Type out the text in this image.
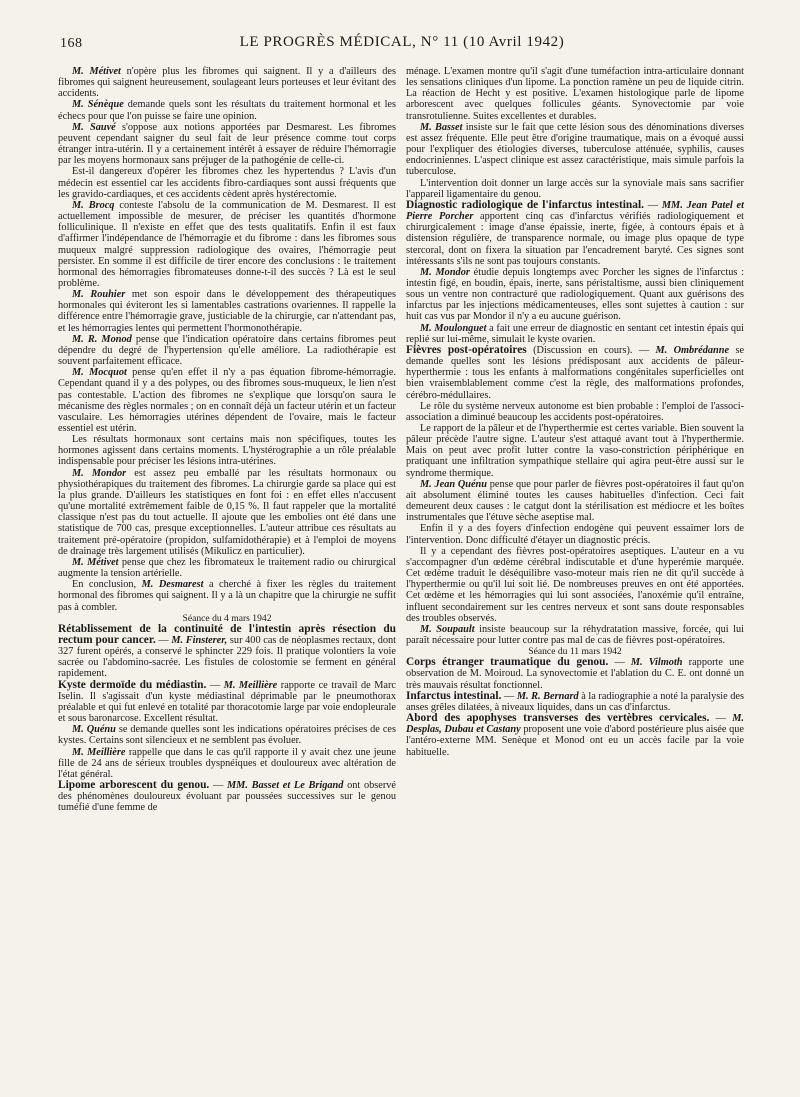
168	LE PROGRÈS MÉDICAL, N° 11 (10 Avril 1942)

M. Métivet n'opère plus les fibromes qui saignent. Il y a d'ailleurs des fibromes qui saignent heureusement, soulageant leurs porteuses et leur évitant des accidents.

M. Sénèque demande quels sont les résultats du traitement hormonal et les échecs pour que l'on puisse se faire une opinion.

M. Sauvé s'oppose aux notions apportées par Desmarest. Les fibromes peuvent cependant saigner du seul fait de leur présence comme tout corps étranger intra-utérin. Il y a certainement intérêt à essayer de réduire l'hémorragie par les moyens hormonaux sans préjuger de la pathogénie de celle-ci.

Est-il dangereux d'opérer les fibromes chez les hypertendus ? L'avis d'un médecin est essentiel car les accidents fibro-cardiaques sont aussi fréquents que les gravido-cardiaques, et ces accidents cèdent après hystérectomie.

M. Brocq conteste l'absolu de la communication de M. Desmarest. Il est actuellement impossible de mesurer, de préciser les quantités d'hormone folliculinique. Il n'existe en effet que des tests qualitatifs. Enfin il est faux d'affirmer l'indépendance de l'hémorragie et du fibrome : dans les fibromes sous muqueux malgré suppression radiologique des ovaires, l'hémorragie peut persister. En somme il est difficile de tirer encore des conclusions : le traitement hormonal des hémorragies fibromateuses donne-t-il des succès ? Là est le seul problème.

M. Rouhier met son espoir dans le développement des thérapeutiques hormonales qui éviteront les si lamentables castrations ovariennes. Il rappelle la différence entre l'hémorragie grave, justiciable de la chirurgie, car n'attendant pas, et les hémorragies lentes qui permettent l'hormonothérapie.

M. R. Monod pense que l'indication opératoire dans certains fibromes peut dépendre du degré de l'hypertension qu'elle améliore. La radiothérapie est souvent parfaitement efficace.

M. Mocquot pense qu'en effet il n'y a pas équation fibrome-hémorragie. Cependant quand il y a des polypes, ou des fibromes sous-muqueux, le lien n'est pas contestable. L'action des fibromes ne s'explique que lorsqu'on saura le mécanisme des règles normales ; on en connaît déjà un facteur utérin et un facteur vasculaire. Les hémorragies utérines dépendent de l'ovaire, mais le facteur essentiel est utérin.

Les résultats hormonaux sont certains mais non spécifiques, toutes les hormones agissent dans certains moments. L'hystérographie a un rôle préalable indispensable pour préciser les lésions intra-utérines.

M. Mondor est assez peu emballé par les résultats hormonaux ou physiothérapiques du traitement des fibromes. La chirurgie garde sa place qui est la plus grande. D'ailleurs les statistiques en font foi : en effet elles n'accusent qu'une mortalité extrêmement faible de 0,15 %. Il faut rappeler que la mortalité classique n'est pas du tout actuelle. Il ajoute que les embolies ont été dans une statistique de 700 cas, presque exceptionnelles. L'auteur attribue ces résultats au traitement pré-opératoire (propidon, sulfamidothérapie) et à l'emploi de moyens de drainage très largement utilisés (Mikulicz en particulier).

M. Métivet pense que chez les fibromateux le traitement radio ou chirurgical augmente la tension artérielle.

En conclusion, M. Desmarest a cherché à fixer les règles du traitement hormonal des fibromes qui saignent. Il y a là un chapitre que la chirurgie ne suffit pas à combler.

Séance du 4 mars 1942

Rétablissement de la continuité de l'intestin après résection du rectum pour cancer. — M. Finsterer, sur 400 cas de néoplasmes rectaux, dont 327 furent opérés, a conservé le sphincter 229 fois. Il pratique volontiers la voie sacrée ou l'abdomino-sacrée. Les fistules de colostomie se ferment en général rapidement.

Kyste dermoïde du médiastin. — M. Meillière rapporte ce travail de Marc Iselin. Il s'agissait d'un kyste médiastinal déprimable par le pneumothorax préalable et qui fut enlevé en totalité par thoracotomie large par voie endopleurale et sous baronarcose. Excellent résultat.

M. Quénu se demande quelles sont les indications opératoires précises de ces kystes. Certains sont silencieux et ne semblent pas évoluer.

M. Meillière rappelle que dans le cas qu'il rapporte il y avait chez une jeune fille de 24 ans de sérieux troubles dyspnéiques et douloureux avec altération de l'état général.

Lipome arborescent du genou. — MM. Basset et Le Brigand ont observé des phénomènes douloureux évoluant par poussées successives sur le genou tuméfié d'une femme de

ménage. L'examen montre qu'il s'agit d'une tuméfaction intra-articulaire donnant les sensations cliniques d'un lipome. La ponction ramène un peu de liquide citrin. La réaction de Hecht y est positive. L'examen histologique parle de lipome arborescent avec quelques follicules géants. Synovectomie par voie transrotulienne. Suites excellentes et durables.

M. Basset insiste sur le fait que cette lésion sous des dénominations diverses est assez fréquente. Elle peut être d'origine traumatique, mais on a évoqué aussi pour l'expliquer des étiologies diverses, tuberculose atténuée, syphilis, causes endocriniennes. L'aspect clinique est assez caractéristique, mais simule parfois la tuberculose.

L'intervention doit donner un large accès sur la synoviale mais sans sacrifier l'appareil ligamentaire du genou.

Diagnostic radiologique de l'infarctus intestinal. — MM. Jean Patel et Pierre Porcher apportent cinq cas d'infarctus vérifiés radiologiquement et chirurgicalement : image d'anse épaissie, inerte, figée, à contours épais et à distension régulière, de transparence normale, ou image plus opaque de type stercoral, dont on fixera la situation par l'encadrement baryté. Ces signes sont intéressants s'ils ne sont pas toujours constants.

M. Mondor étudie depuis longtemps avec Porcher les signes de l'infarctus : intestin figé, en boudin, épais, inerte, sans péristaltisme, aussi bien cliniquement sous un ventre non contracturé que radiologiquement. Quant aux guérisons des infarctus par les injections médicamenteuses, elles sont sujettes à caution : sur huit cas vus par Mondor il n'y a eu aucune guérison.

M. Moulonguet a fait une erreur de diagnostic en sentant cet intestin épais qui replié sur lui-même, simulait le kyste ovarien.

Fièvres post-opératoires (Discussion en cours). — M. Ombrédanne se demande quelles sont les lésions prédisposant aux accidents de pâleur-hyperthermie : tous les enfants à malformations congénitales superficielles ont bien vraisemblablement comme c'est la règle, des malformations profondes, cérébro-médullaires.

Le rôle du système nerveux autonome est bien probable : l'emploi de l'associ-association a diminué beaucoup les accidents post-opératoires.

Le rapport de la pâleur et de l'hyperthermie est certes variable. Bien souvent la pâleur précède l'autre signe. L'auteur s'est attaqué avant tout à l'hyperthermie. Mais on peut avec profit lutter contre la vaso-constriction périphérique en pratiquant une infiltration sympathique stellaire qui agira peut-être aussi sur le syndrome thermique.

M. Jean Quénu pense que pour parler de fièvres post-opératoires il faut qu'on ait absolument éliminé toutes les causes habituelles d'infection. Ceci fait demeurent deux causes : le catgut dont la stérilisation est médiocre et les boîtes instrumentales que l'étuve sèche aseptise mal.

Enfin il y a des foyers d'infection endogène qui peuvent essaimer lors de l'intervention. Donc difficulté d'étayer un diagnostic précis.

Il y a cependant des fièvres post-opératoires aseptiques. L'auteur en a vu s'accompagner d'un œdème cérébral indiscutable et d'une hyperémie marquée. Cet œdème traduit le déséquilibre vaso-moteur mais rien ne dit qu'il succède à l'hyperthermie ou qu'il lui soit lié. De nombreuses preuves en ont été apportées. Cet œdème et les hémorragies qui lui sont associées, l'anoxémie qu'il entraîne, influent secondairement sur les centres nerveux et sont sans doute responsables des troubles observés.

M. Soupault insiste beaucoup sur la réhydratation massive, forcée, qui lui paraît nécessaire pour lutter contre pas mal de cas de fièvres post-opératoires.

Séance du 11 mars 1942

Corps étranger traumatique du genou. — M. Vilmoth rapporte une observation de M. Moiroud. La synovectomie et l'ablation du C. E. ont donné un très mauvais résultat fonctionnel.

Infarctus intestinal. — M. R. Bernard à la radiographie a noté la paralysie des anses grêles dilatées, à niveaux liquides, dans un cas d'infarctus.

Abord des apophyses transverses des vertèbres cervicales. — M. Desplas, Dubau et Castany proposent une voie d'abord postérieure plus aisée que l'antéro-externe MM. Senèque et Monod ont eu un accès facile par la voie habituelle.
